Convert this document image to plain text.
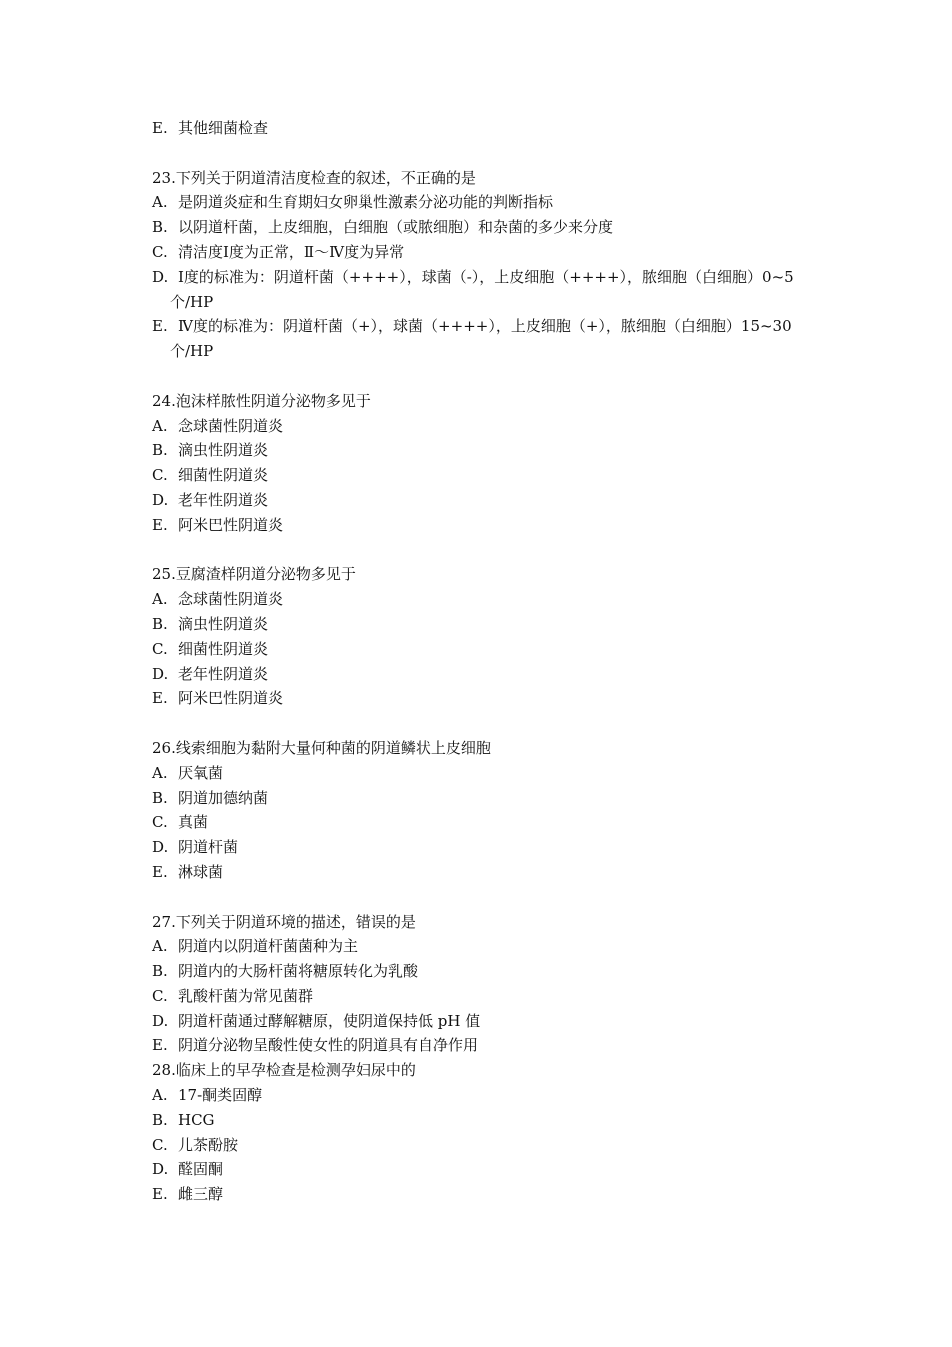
E. 其他细菌检查
23.下列关于阴道清洁度检查的叙述，不正确的是
A. 是阴道炎症和生育期妇女卵巢性激素分泌功能的判断指标
B. 以阴道杆菌，上皮细胞，白细胞（或脓细胞）和杂菌的多少来分度
C. 清洁度Ⅰ度为正常，Ⅱ～Ⅳ度为异常
D. Ⅰ度的标准为：阴道杆菌（++++），球菌（-），上皮细胞（++++），脓细胞（白细胞）0~5
个/HP
E. Ⅳ度的标准为：阴道杆菌（+），球菌（++++），上皮细胞（+），脓细胞（白细胞）15~30
个/HP
24.泡沫样脓性阴道分泌物多见于
A. 念球菌性阴道炎
B. 滴虫性阴道炎
C. 细菌性阴道炎
D. 老年性阴道炎
E. 阿米巴性阴道炎
25.豆腐渣样阴道分泌物多见于
A. 念球菌性阴道炎
B. 滴虫性阴道炎
C. 细菌性阴道炎
D. 老年性阴道炎
E. 阿米巴性阴道炎
26.线索细胞为黏附大量何种菌的阴道鳞状上皮细胞
A. 厌氧菌
B. 阴道加德纳菌
C. 真菌
D. 阴道杆菌
E. 淋球菌
27.下列关于阴道环境的描述，错误的是
A. 阴道内以阴道杆菌菌种为主
B. 阴道内的大肠杆菌将糖原转化为乳酸
C. 乳酸杆菌为常见菌群
D. 阴道杆菌通过酵解糖原，使阴道保持低 pH 值
E. 阴道分泌物呈酸性使女性的阴道具有自净作用
28.临床上的早孕检查是检测孕妇尿中的
A. 17-酮类固醇
B. HCG
C. 儿茶酚胺
D. 醛固酮
E. 雌三醇
